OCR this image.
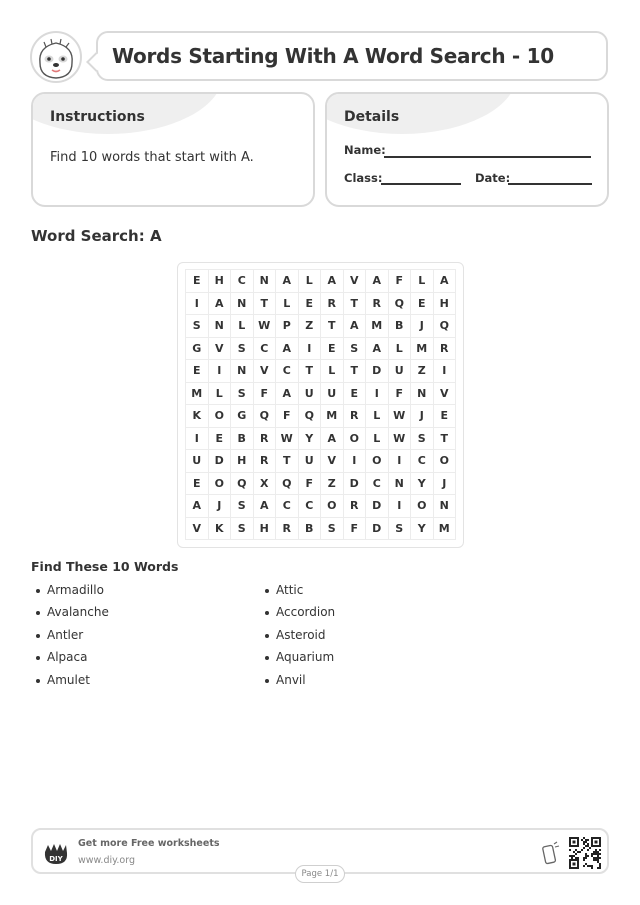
Words Starting With A Word Search - 10
Instructions
Find 10 words that start with A.
Details
Name:
Class:	Date:
Word Search: A
E	H	C	N	A	L	A	V	A	F	L	A
I	A	N	T	L	E	R	T	R	Q	E	H
S	N	L	W	P	Z	T	A	M	B	J	Q
G	V	S	C	A	I	E	S	A	L	M	R
E	I	N	V	C	T	L	T	D	U	Z	I
M	L	S	F	A	U	U	E	I	F	N	V
K	O	G	Q	F	Q	M	R	L	W	J	E
I	E	B	R	W	Y	A	O	L	W	S	T
U	D	H	R	T	U	V	I	O	I	C	O
E	O	Q	X	Q	F	Z	D	C	N	Y	J
A	J	S	A	C	C	O	R	D	I	O	N
V	K	S	H	R	B	S	F	D	S	Y	M
Find These 10 Words
Armadillo
Avalanche
Antler
Alpaca
Amulet
Attic
Accordion
Asteroid
Aquarium
Anvil
DIY
Get more Free worksheets
www.diy.org
Page 1/1
